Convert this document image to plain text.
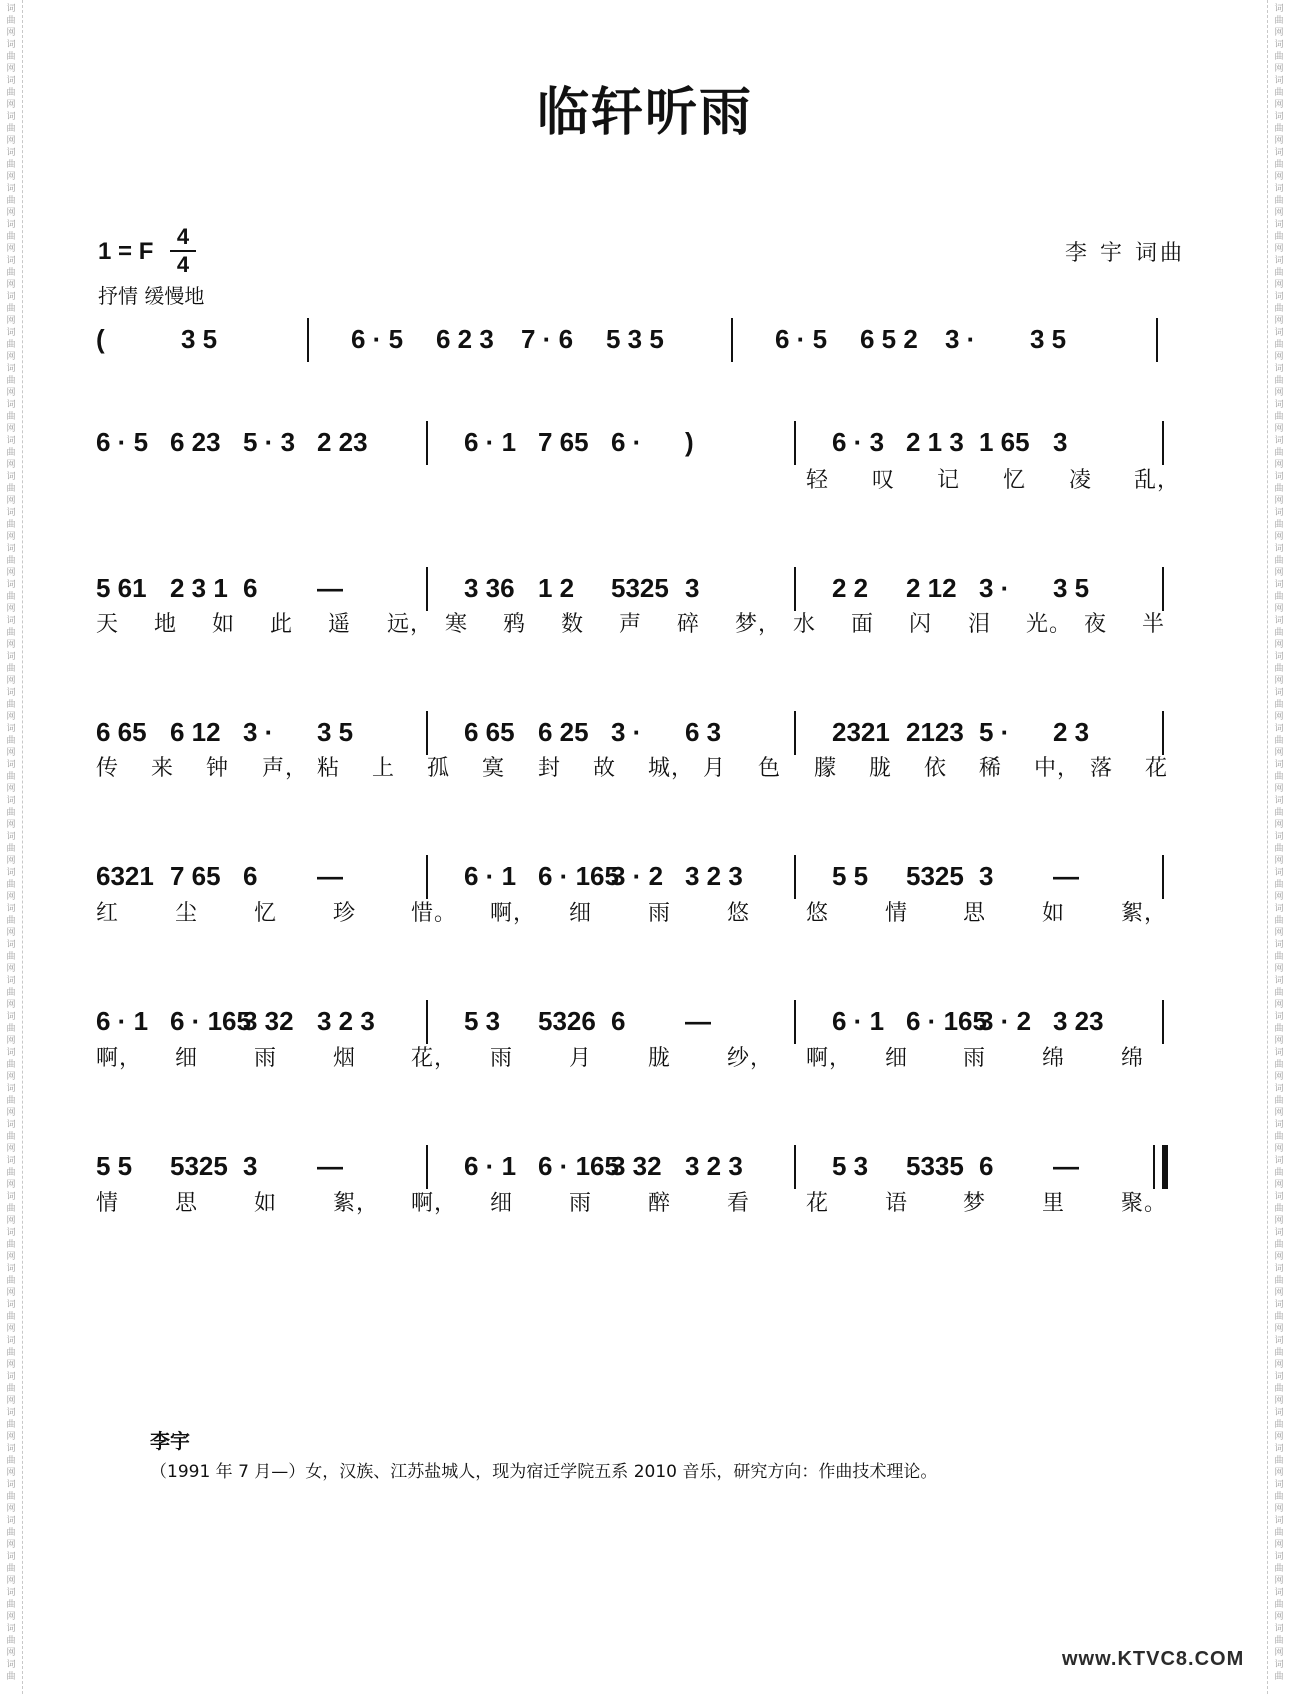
词
曲
网
词
曲
网
词
曲
网
词
曲
网
词
曲
网
词
曲
网
词
曲
网
词
曲
网
词
曲
网
词
曲
网
词
曲
网
词
曲
网
词
曲
网
词
曲
网
词
曲
网
词
曲
网
词
曲
网
词
曲
网
词
曲
网
词
曲
网
词
曲
网
词
曲
网
词
曲
网
词
曲
网
词
曲
网
词
曲
网
词
曲
网
词
曲
网
词
曲
网
词
曲
网
词
曲
网
词
曲
网
词
曲
网
词
曲
网
词
曲
网
词
曲
网
词
曲
网
词
曲
网
词
曲
网
词
曲
网
词
曲
网
词
曲
网
词
曲
网
词
曲
网
词
曲
网
词
曲
网
词
曲
词
曲
网
词
曲
网
词
曲
网
词
曲
网
词
曲
网
词
曲
网
词
曲
网
词
曲
网
词
曲
网
词
曲
网
词
曲
网
词
曲
网
词
曲
网
词
曲
网
词
曲
网
词
曲
网
词
曲
网
词
曲
网
词
曲
网
词
曲
网
词
曲
网
词
曲
网
词
曲
网
词
曲
网
词
曲
网
词
曲
网
词
曲
网
词
曲
网
词
曲
网
词
曲
网
词
曲
网
词
曲
网
词
曲
网
词
曲
网
词
曲
网
词
曲
网
词
曲
网
词
曲
网
词
曲
网
词
曲
网
词
曲
网
词
曲
网
词
曲
网
词
曲
网
词
曲
网
词
曲
网
词
曲
临轩听雨
1 = F
4
4
抒情 缓慢地
李 宇 词曲
(	3 5	6 · 5 6 2 3 7 · 6 5 3 5	6 · 5 6 5 2 3 · 3 5
6 · 5 6 23 5 · 3 2 23	6 · 1 7 65 6 · )	6 · 3 2 1 3 1 65 3
轻 叹 记 忆 凌 乱，
5 61 2 3 1 6 —	3 36 1 2 5325 3	2 2 2 12 3 · 3 5
天 地 如 此 遥 远， 寒 鸦 数 声 碎 梦， 水 面 闪 泪 光。 夜 半
6 65 6 12 3 · 3 5	6 65 6 25 3 · 6 3	2321 2123 5 · 2 3
传 来 钟 声， 粘 上 孤 寞 封 故 城， 月 色 朦 胧 依 稀 中， 落 花
6321 7 65 6 —	6 · 1 6 · 165
3 · 2 3 2 3	5 5 5325 3 —
红	尘	忆	珍 惜。 啊， 细	雨	悠	悠	情 思	如	絮，
6 · 1 6 · 165
3 32 3 2 3	5 3 5326 6 —	6 · 1 6 · 165
3 · 2 3 23
啊， 细	雨	烟 花， 雨	月	胧	纱， 啊， 细 雨	绵	绵
5 5 5325 3 —	6 · 1 6 · 165
3 32 3 2 3	5 3 5335 6 —
情	思	如	絮， 啊， 细	雨	醉	看	花	语 梦	里	聚。
李宇
（1991 年 7 月—）女，汉族、江苏盐城人，现为宿迁学院五系 2010 音乐，研究方向：作曲技术理论。
www.KTVC8.COM
